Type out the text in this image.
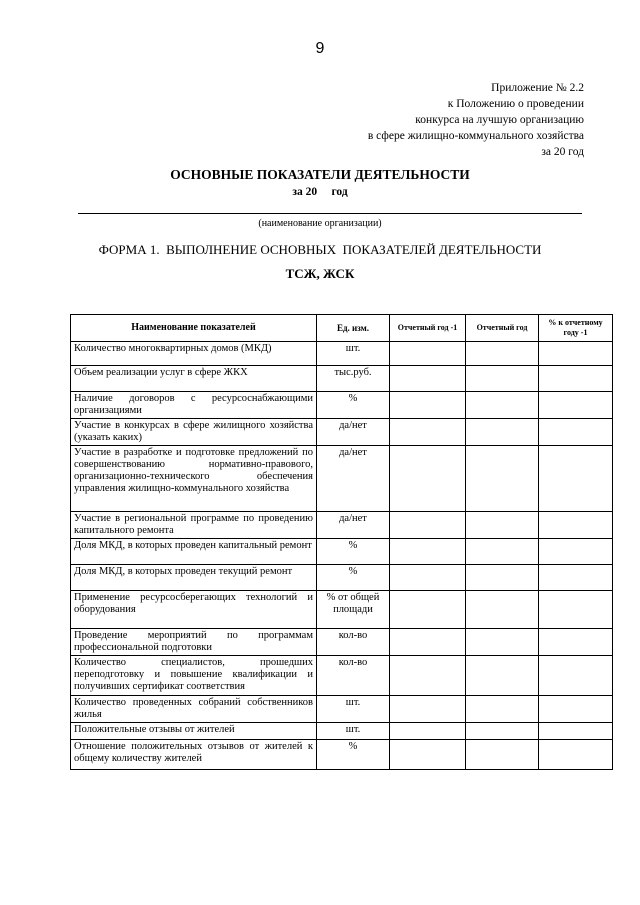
9
Приложение № 2.2
к Положению о проведении
конкурса на лучшую организацию
в сфере жилищно-коммунального хозяйства
за 20 год
ОСНОВНЫЕ ПОКАЗАТЕЛИ ДЕЯТЕЛЬНОСТИ
за 20     год
(наименование организации)
ФОРМА 1.  ВЫПОЛНЕНИЕ ОСНОВНЫХ  ПОКАЗАТЕЛЕЙ ДЕЯТЕЛЬНОСТИ
ТСЖ, ЖСК
Наименование показателей	Ед. изм.	Отчетный год -1	Отчетный год	% к отчетному году -1
Количество многоквартирных домов (МКД)	шт.			
Объем реализации услуг в сфере ЖКХ	тыс.руб.			
Наличие договоров с ресурсоснабжающими организациями	%			
Участие в конкурсах в сфере жилищного хозяйства (указать каких)	да/нет			
Участие в разработке и подготовке предложений по совершенствованию нормативно-правового, организационно-технического обеспечения управления жилищно-коммунального хозяйства	да/нет			
Участие в региональной программе по проведению капитального ремонта	да/нет			
Доля МКД, в которых проведен капитальный ремонт	%			
Доля МКД, в которых проведен текущий ремонт	%			
Применение ресурсосберегающих технологий и оборудования	% от общей площади			
Проведение мероприятий по программам профессиональной подготовки	кол-во			
Количество специалистов, прошедших переподготовку и повышение квалификации и получивших сертификат соответствия	кол-во			
Количество проведенных собраний собственников жилья	шт.			
Положительные отзывы от жителей	шт.			
Отношение положительных отзывов от жителей к общему количеству жителей	%			
